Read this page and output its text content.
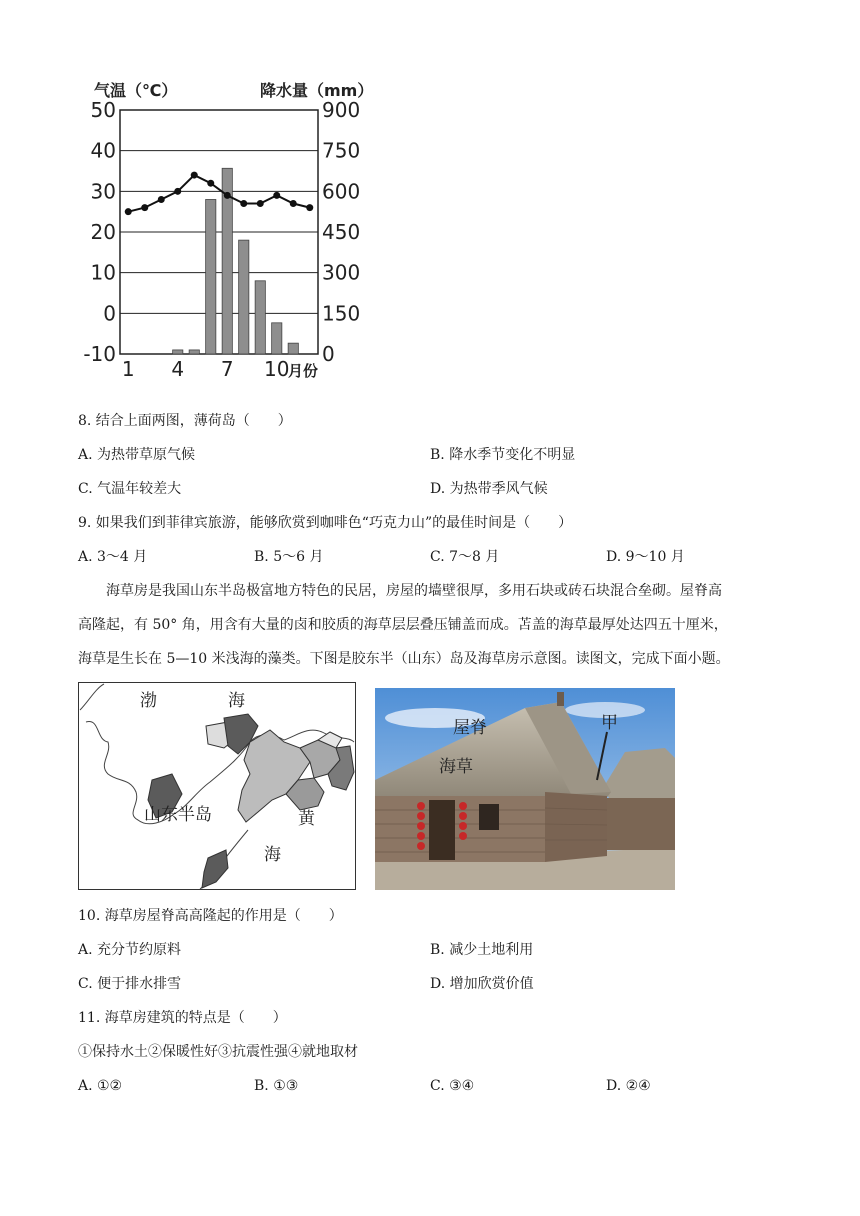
50	900
40	750
30	600
20	450
10	300
0	150
-10	0
气温（℃）	降水量（mm）
1 4 7 10
月份
8. 结合上面两图，薄荷岛（　　）
A. 为热带草原气候	B. 降水季节变化不明显
C. 气温年较差大	D. 为热带季风气候
9. 如果我们到菲律宾旅游，能够欣赏到咖啡色“巧克力山”的最佳时间是（　　）
A. 3～4 月	B. 5～6 月	C. 7～8 月	D. 9～10 月

海草房是我国山东半岛极富地方特色的民居，房屋的墙壁很厚，多用石块或砖石块混合垒砌。屋脊高

高隆起，有 50° 角，用含有大量的卤和胶质的海草层层叠压铺盖而成。苫盖的海草最厚处达四五十厘米，
海草是生长在 5—10 米浅海的藻类。下图是胶东半（山东）岛及海草房示意图。读图文，完成下面小题。
渤	海
山东半岛	黄
海
屋脊
海草
甲
10. 海草房屋脊高高隆起的作用是（　　）
A. 充分节约原料	B. 减少土地利用
C. 便于排水排雪	D. 增加欣赏价值
11. 海草房建筑的特点是（　　）
①保持水土②保暖性好③抗震性强④就地取材
A. ①②	B. ①③	C. ③④	D. ②④
